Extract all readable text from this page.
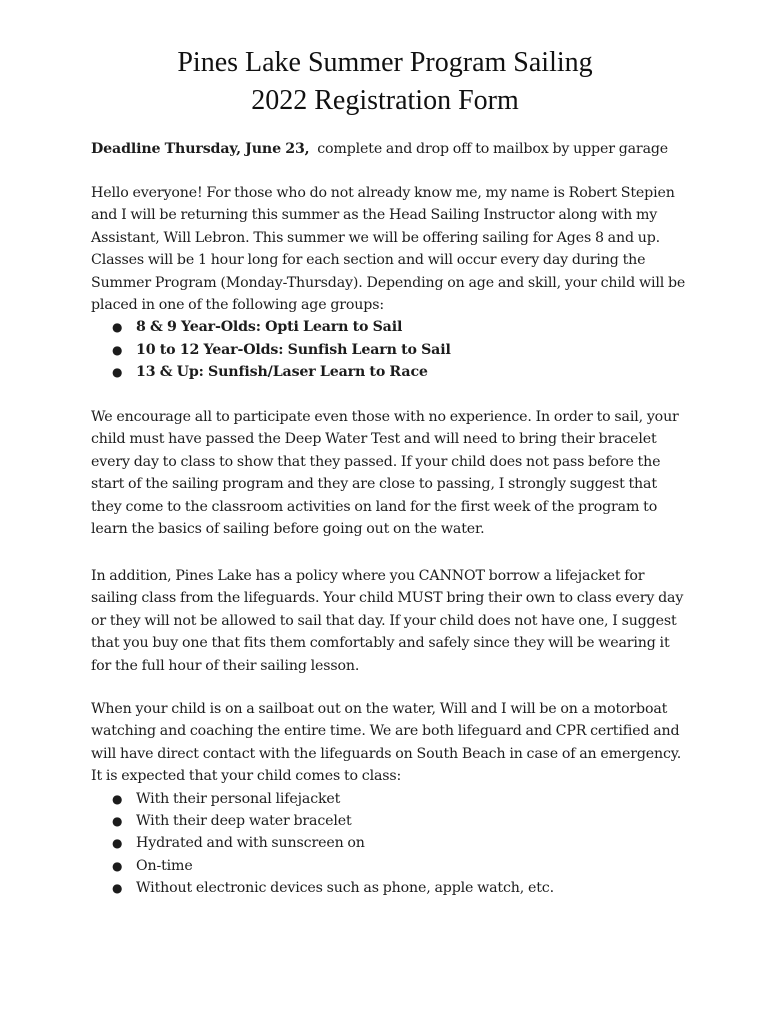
Pines Lake Summer Program Sailing
2022 Registration Form
Deadline Thursday, June 23, complete and drop off to mailbox by upper garage

Hello everyone! For those who do not already know me, my name is Robert Stepien and I will be returning this summer as the Head Sailing Instructor along with my Assistant, Will Lebron. This summer we will be offering sailing for Ages 8 and up. Classes will be 1 hour long for each section and will occur every day during the Summer Program (Monday-Thursday). Depending on age and skill, your child will be placed in one of the following age groups:

● 8 & 9 Year-Olds: Opti Learn to Sail
● 10 to 12 Year-Olds: Sunfish Learn to Sail
● 13 & Up: Sunfish/Laser Learn to Race

We encourage all to participate even those with no experience. In order to sail, your child must have passed the Deep Water Test and will need to bring their bracelet every day to class to show that they passed. If your child does not pass before the start of the sailing program and they are close to passing, I strongly suggest that they come to the classroom activities on land for the first week of the program to learn the basics of sailing before going out on the water.

In addition, Pines Lake has a policy where you CANNOT borrow a lifejacket for sailing class from the lifeguards. Your child MUST bring their own to class every day or they will not be allowed to sail that day. If your child does not have one, I suggest that you buy one that fits them comfortably and safely since they will be wearing it for the full hour of their sailing lesson.

When your child is on a sailboat out on the water, Will and I will be on a motorboat watching and coaching the entire time. We are both lifeguard and CPR certified and will have direct contact with the lifeguards on South Beach in case of an emergency.

It is expected that your child comes to class:

● With their personal lifejacket
● With their deep water bracelet
● Hydrated and with sunscreen on
● On-time
● Without electronic devices such as phone, apple watch, etc.
